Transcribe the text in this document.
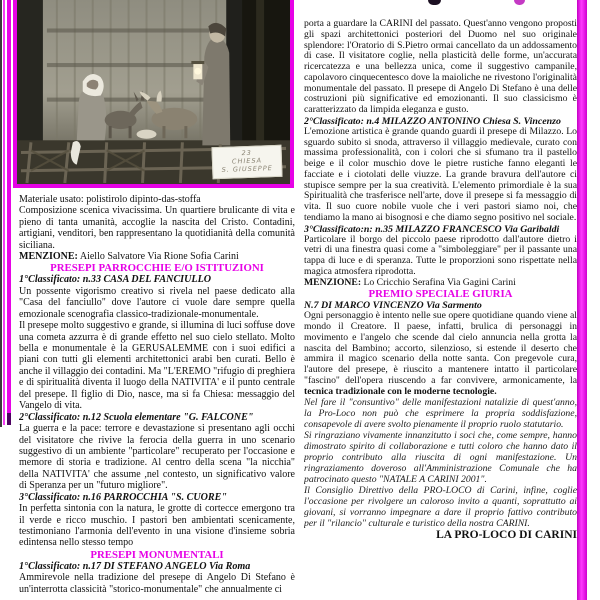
23
CHIESA
S. GIUSEPPE

Materiale usato: polistirolo dipinto-das-stoffa

Composizione scenica vivacissima. Un quartiere brulicante di vita e pieno di tanta umanità, accoglie la nascita del Cristo. Contadini, artigiani, venditori, ben rappresentano la quotidianità della comunità siciliana.

MENZIONE: Aiello Salvatore Via Rione Sofia Carini

PRESEPI PARROCCHIE E/O ISTITUZIONI

1°Classificato: n.33 CASA DEL FANCIULLO

Un possente vigorismo creativo si rivela nel paese dedicato alla "Casa del fanciullo" dove l'autore ci vuole dare sempre quella emozionale scenografia classico-tradizionale-monumentale.

Il presepe molto suggestivo e grande, si illumina di luci soffuse dove una cometa azzurra è di grande effetto nel suo cielo stellato. Molto bella e monumentale è la GERUSALEMME con i suoi edifici a piani con tutti gli elementi architettonici arabi ben curati. Bello è anche il villaggio dei contadini. Ma "L'EREMO "rifugio di preghiera e di spiritualità diventa il luogo della NATIVITA' e il punto centrale del presepe. Il figlio di Dio, nasce, ma si fa Chiesa: messaggio del Vangelo di vita.

2°Classificato: n.12 Scuola elementare "G. FALCONE"

La guerra e la pace: terrore e devastazione si presentano agli occhi del visitatore che rivive la ferocia della guerra in uno scenario suggestivo di un ambiente "particolare" recuperato per l'occasione e memore di storia e tradizione. Al centro della scena "la nicchia" della NATIVITA' che assume ,nel contesto, un significativo valore di Speranza per un "futuro migliore".

3°Classificato: n.16 PARROCCHIA "S. CUORE"

In perfetta sintonia con la natura, le grotte di cortecce emergono tra il verde e ricco muschio. I pastori ben ambientati scenicamente, testimoniano l'armonia dell'evento in una visione d'insieme sobria edintensa nello stesso tempo

PRESEPI MONUMENTALI

1°Classificato: n.17 DI STEFANO ANGELO Via Roma

Ammirevole nella tradizione del presepe di Angelo Di Stefano è un'interrotta classicità "storico-monumentale" che annualmente ci

porta a guardare la CARINI del passato. Quest'anno vengono proposti gli spazi architettonici posteriori del Duomo nel suo originale splendore: l'Oratorio di S.Pietro ormai cancellato da un addossamento di case. Il visitatore coglie, nella plasticità delle forme, un'accurata ricercatezza e una bellezza unica, come il suggestivo campanile, capolavoro cinquecentesco dove la maioliche ne rivestono l'originalità monumentale del passato. Il presepe di Angelo Di Stefano è una delle costruzioni più significative ed emozionanti. Il suo classicismo è caratterizzato da limpida eleganza e gusto.

2°Classificato: n.4 MILAZZO ANTONINO Chiesa S. Vincenzo

L'emozione artistica è grande quando guardi il presepe di Milazzo. Lo sguardo subito si snoda, attraverso il villaggio medievale, curato con massima professionalità, con i colori che si sfumano tra il pastello beige e il color muschio dove le pietre rustiche fanno eleganti le facciate e i ciotolati delle viuzze. La grande bravura dell'autore ci stupisce sempre per la sua creatività. L'elemento primordiale è la sua Spiritualità che trasferisce nell'arte, dove il presepe si fa messaggio di vita. Il suo cuore nobile vuole che i veri pastori siamo noi, che tendiamo la mano ai bisognosi e che diamo segno positivo nel sociale.

3°Classificato:n: n.35 MILAZZO FRANCESCO Via Garibaldi

Particolare il borgo del piccolo paese riprodotto dall'autore dietro i vetri di una finestra quasi come a "simboleggiare" per il passante una tappa di luce e di speranza. Tutte le proporzioni sono rispettate nella magica atmosfera riprodotta.

MENZIONE: Lo Cricchio Serafina Via Gagini Carini

PREMIO SPECIALE GIURIA

N.7 DI MARCO VINCENZO Via Sarmento

Ogni personaggio è intento nelle sue opere quotidiane quando viene al mondo il Creatore. Il paese, infatti, brulica di personaggi in movimento e l'angelo che scende dal cielo annuncia nella grotta la nascita del Bambino; accorto, silenzioso, si estende il deserto che ammira il magico scenario della notte santa. Con pregevole cura, l'autore del presepe, è riuscito a mantenere intatto il particolare "fascino" dell'opera riuscendo a far convivere, armonicamente, la tecnica tradizionale con le moderne tecnologie.

Nel fare il "consuntivo" delle manifestazioni natalizie di quest'anno, la Pro-Loco non può che esprimere la propria soddisfazione, consapevole di avere svolto pienamente il proprio ruolo statutario.

Si ringraziano vivamente innanzitutto i soci che, come sempre, hanno dimostrato spirito di collaborazione e tutti coloro che hanno dato il proprio contributo alla riuscita di ogni manifestazione. Un ringraziamento doveroso all'Amministrazione Comunale che ha patrocinato questo "NATALE A CARINI 2001".

Il Consiglio Direttivo della PRO-LOCO di Carini, infine, coglie l'occasione per rivolgere un caloroso invito a quanti, soprattutto ai giovani, si vorranno impegnare a dare il proprio fattivo contributo per il "rilancio" culturale e turistico della nostra CARINI.

LA PRO-LOCO DI CARINI
